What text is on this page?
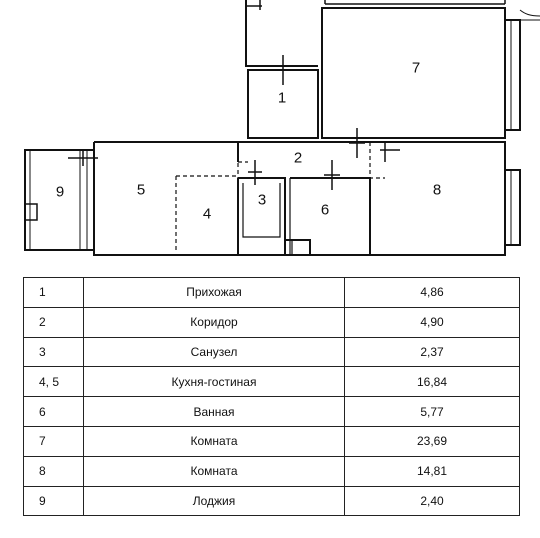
1
2
3
4
5
6
7
8
9
1	Прихожая	4,86
2	Коридор	4,90
3	Санузел	2,37
4, 5	Кухня-гостиная	16,84
6	Ванная	5,77
7	Комната	23,69
8	Комната	14,81
9	Лоджия	2,40
